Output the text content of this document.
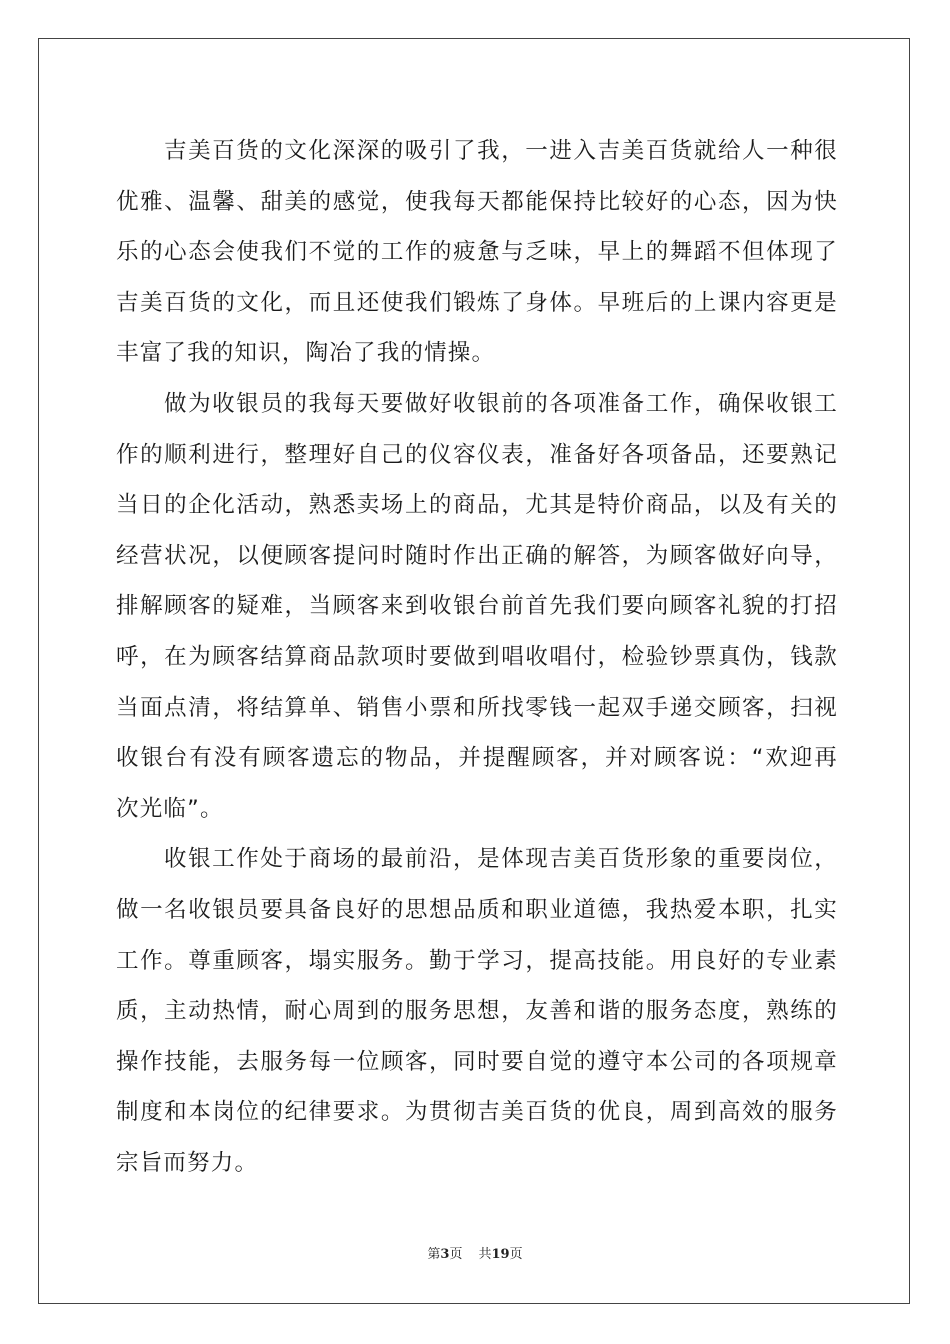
吉美百货的文化深深的吸引了我，一进入吉美百货就给人一种很优雅、温馨、甜美的感觉，使我每天都能保持比较好的心态，因为快乐的心态会使我们不觉的工作的疲惫与乏味，早上的舞蹈不但体现了吉美百货的文化，而且还使我们锻炼了身体。早班后的上课内容更是丰富了我的知识，陶冶了我的情操。

做为收银员的我每天要做好收银前的各项准备工作，确保收银工作的顺利进行，整理好自己的仪容仪表，准备好各项备品，还要熟记当日的企化活动，熟悉卖场上的商品，尤其是特价商品，以及有关的经营状况，以便顾客提问时随时作出正确的解答，为顾客做好向导，排解顾客的疑难，当顾客来到收银台前首先我们要向顾客礼貌的打招呼，在为顾客结算商品款项时要做到唱收唱付，检验钞票真伪，钱款当面点清，将结算单、销售小票和所找零钱一起双手递交顾客，扫视收银台有没有顾客遗忘的物品，并提醒顾客，并对顾客说：“欢迎再次光临”。

收银工作处于商场的最前沿，是体现吉美百货形象的重要岗位，做一名收银员要具备良好的思想品质和职业道德，我热爱本职，扎实工作。尊重顾客，塌实服务。勤于学习，提高技能。用良好的专业素质，主动热情，耐心周到的服务思想，友善和谐的服务态度，熟练的操作技能，去服务每一位顾客，同时要自觉的遵守本公司的各项规章制度和本岗位的纪律要求。为贯彻吉美百货的优良，周到高效的服务宗旨而努力。

第3页 共19页
